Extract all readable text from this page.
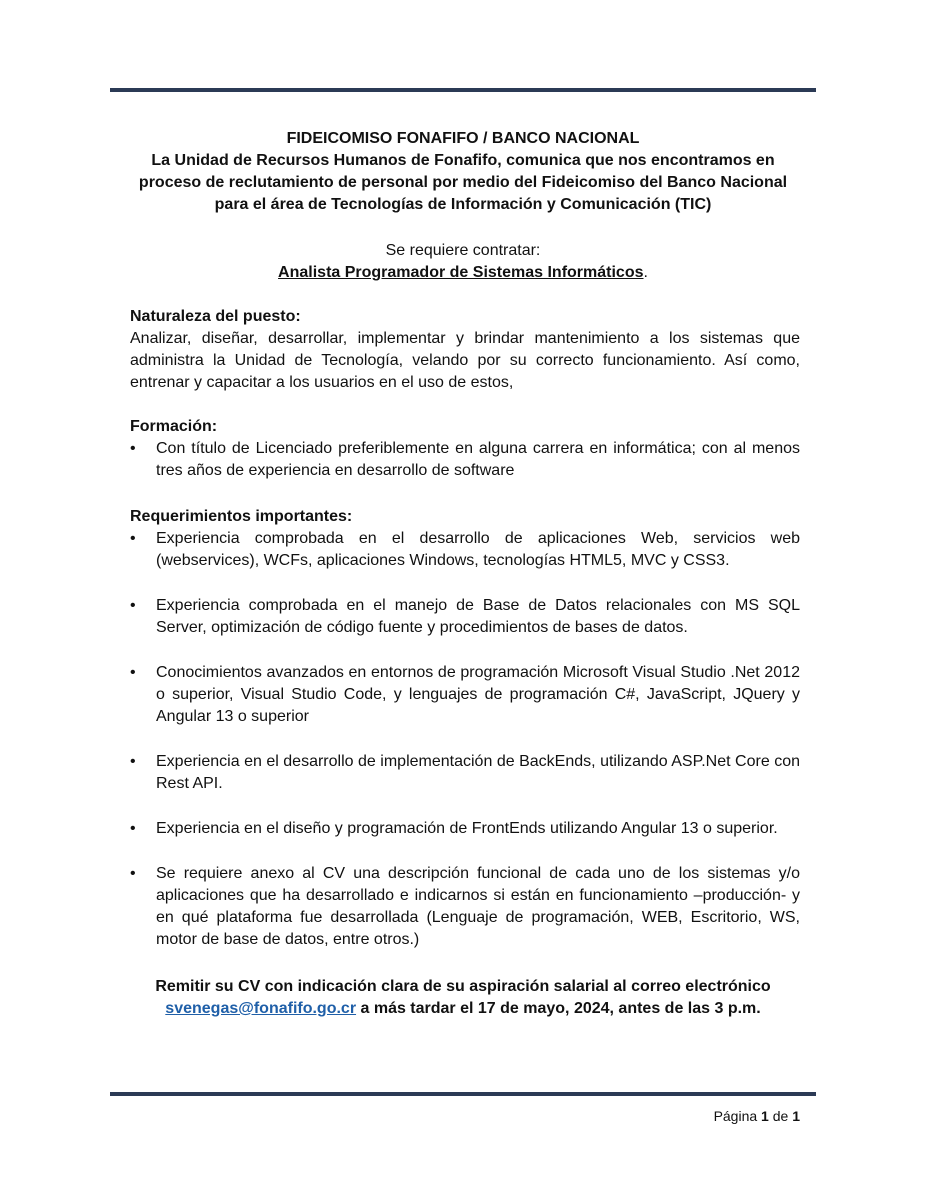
FIDEICOMISO FONAFIFO / BANCO NACIONAL
La Unidad de Recursos Humanos de Fonafifo, comunica que nos encontramos en
proceso de reclutamiento de personal por medio del Fideicomiso del Banco Nacional
para el área de Tecnologías de Información y Comunicación (TIC)
Se requiere contratar:
Analista Programador de Sistemas Informáticos.
Naturaleza del puesto:

Analizar, diseñar, desarrollar, implementar y brindar mantenimiento a los sistemas que administra la Unidad de Tecnología, velando por su correcto funcionamiento. Así como, entrenar y capacitar a los usuarios en el uso de estos,

Formación:
• Con título de Licenciado preferiblemente en alguna carrera en informática; con al menos tres años de experiencia en desarrollo de software
Requerimientos importantes:
• Experiencia comprobada en el desarrollo de aplicaciones Web, servicios web (webservices), WCFs, aplicaciones Windows, tecnologías HTML5, MVC y CSS3.
• Experiencia comprobada en el manejo de Base de Datos relacionales con MS SQL Server, optimización de código fuente y procedimientos de bases de datos.
• Conocimientos avanzados en entornos de programación Microsoft Visual Studio .Net 2012 o superior, Visual Studio Code, y lenguajes de programación C#, JavaScript, JQuery y Angular 13 o superior
• Experiencia en el desarrollo de implementación de BackEnds, utilizando ASP.Net Core con Rest API.
• Experiencia en el diseño y programación de FrontEnds utilizando Angular 13 o superior.
• Se requiere anexo al CV una descripción funcional de cada uno de los sistemas y/o aplicaciones que ha desarrollado e indicarnos si están en funcionamiento –producción- y en qué plataforma fue desarrollada (Lenguaje de programación, WEB, Escritorio, WS, motor de base de datos, entre otros.)
Remitir su CV con indicación clara de su aspiración salarial al correo electrónico
svenegas@fonafifo.go.cr a más tardar el 17 de mayo, 2024, antes de las 3 p.m.
Página 1 de 1
